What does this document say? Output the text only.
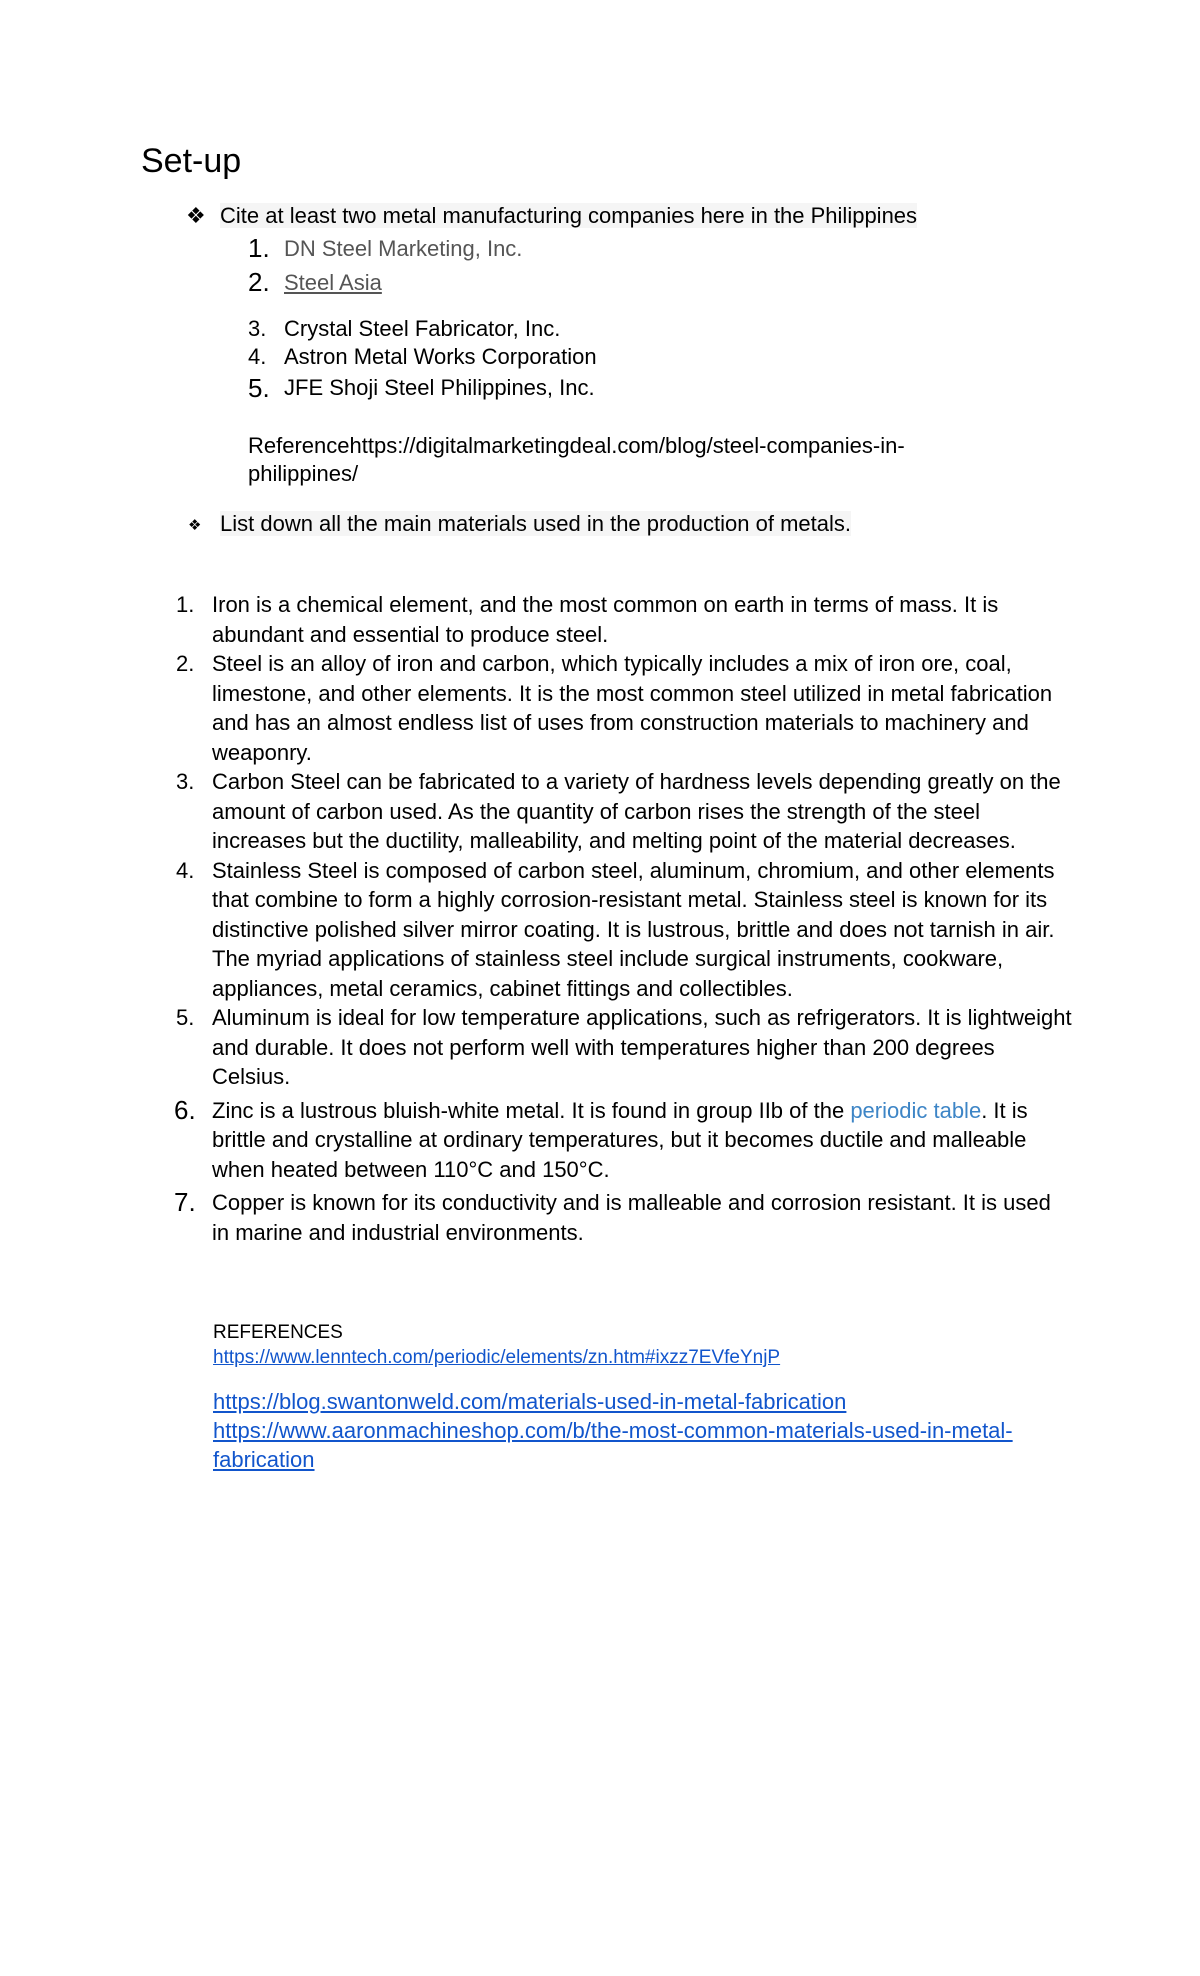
Set-up
❖ Cite at least two metal manufacturing companies here in the Philippines
1. DN Steel Marketing, Inc.
2. Steel Asia
3. Crystal Steel Fabricator, Inc.
4. Astron Metal Works Corporation
5. JFE Shoji Steel Philippines, Inc.
Referencehttps://digitalmarketingdeal.com/blog/steel-companies-in-philippines/
❖ List down all the main materials used in the production of metals.
1. Iron is a chemical element, and the most common on earth in terms of mass. It is abundant and essential to produce steel.
2. Steel is an alloy of iron and carbon, which typically includes a mix of iron ore, coal, limestone, and other elements. It is the most common steel utilized in metal fabrication and has an almost endless list of uses from construction materials to machinery and weaponry.
3. Carbon Steel can be fabricated to a variety of hardness levels depending greatly on the amount of carbon used. As the quantity of carbon rises the strength of the steel increases but the ductility, malleability, and melting point of the material decreases.
4. Stainless Steel is composed of carbon steel, aluminum, chromium, and other elements that combine to form a highly corrosion-resistant metal. Stainless steel is known for its distinctive polished silver mirror coating. It is lustrous, brittle and does not tarnish in air. The myriad applications of stainless steel include surgical instruments, cookware, appliances, metal ceramics, cabinet fittings and collectibles.
5. Aluminum is ideal for low temperature applications, such as refrigerators. It is lightweight and durable. It does not perform well with temperatures higher than 200 degrees Celsius.
6. Zinc is a lustrous bluish-white metal. It is found in group IIb of the periodic table. It is brittle and crystalline at ordinary temperatures, but it becomes ductile and malleable when heated between 110°C and 150°C.
7. Copper is known for its conductivity and is malleable and corrosion resistant. It is used in marine and industrial environments.
REFERENCES
https://www.lenntech.com/periodic/elements/zn.htm#ixzz7EVfeYnjP
https://blog.swantonweld.com/materials-used-in-metal-fabrication
https://www.aaronmachineshop.com/b/the-most-common-materials-used-in-metal-fabrication
